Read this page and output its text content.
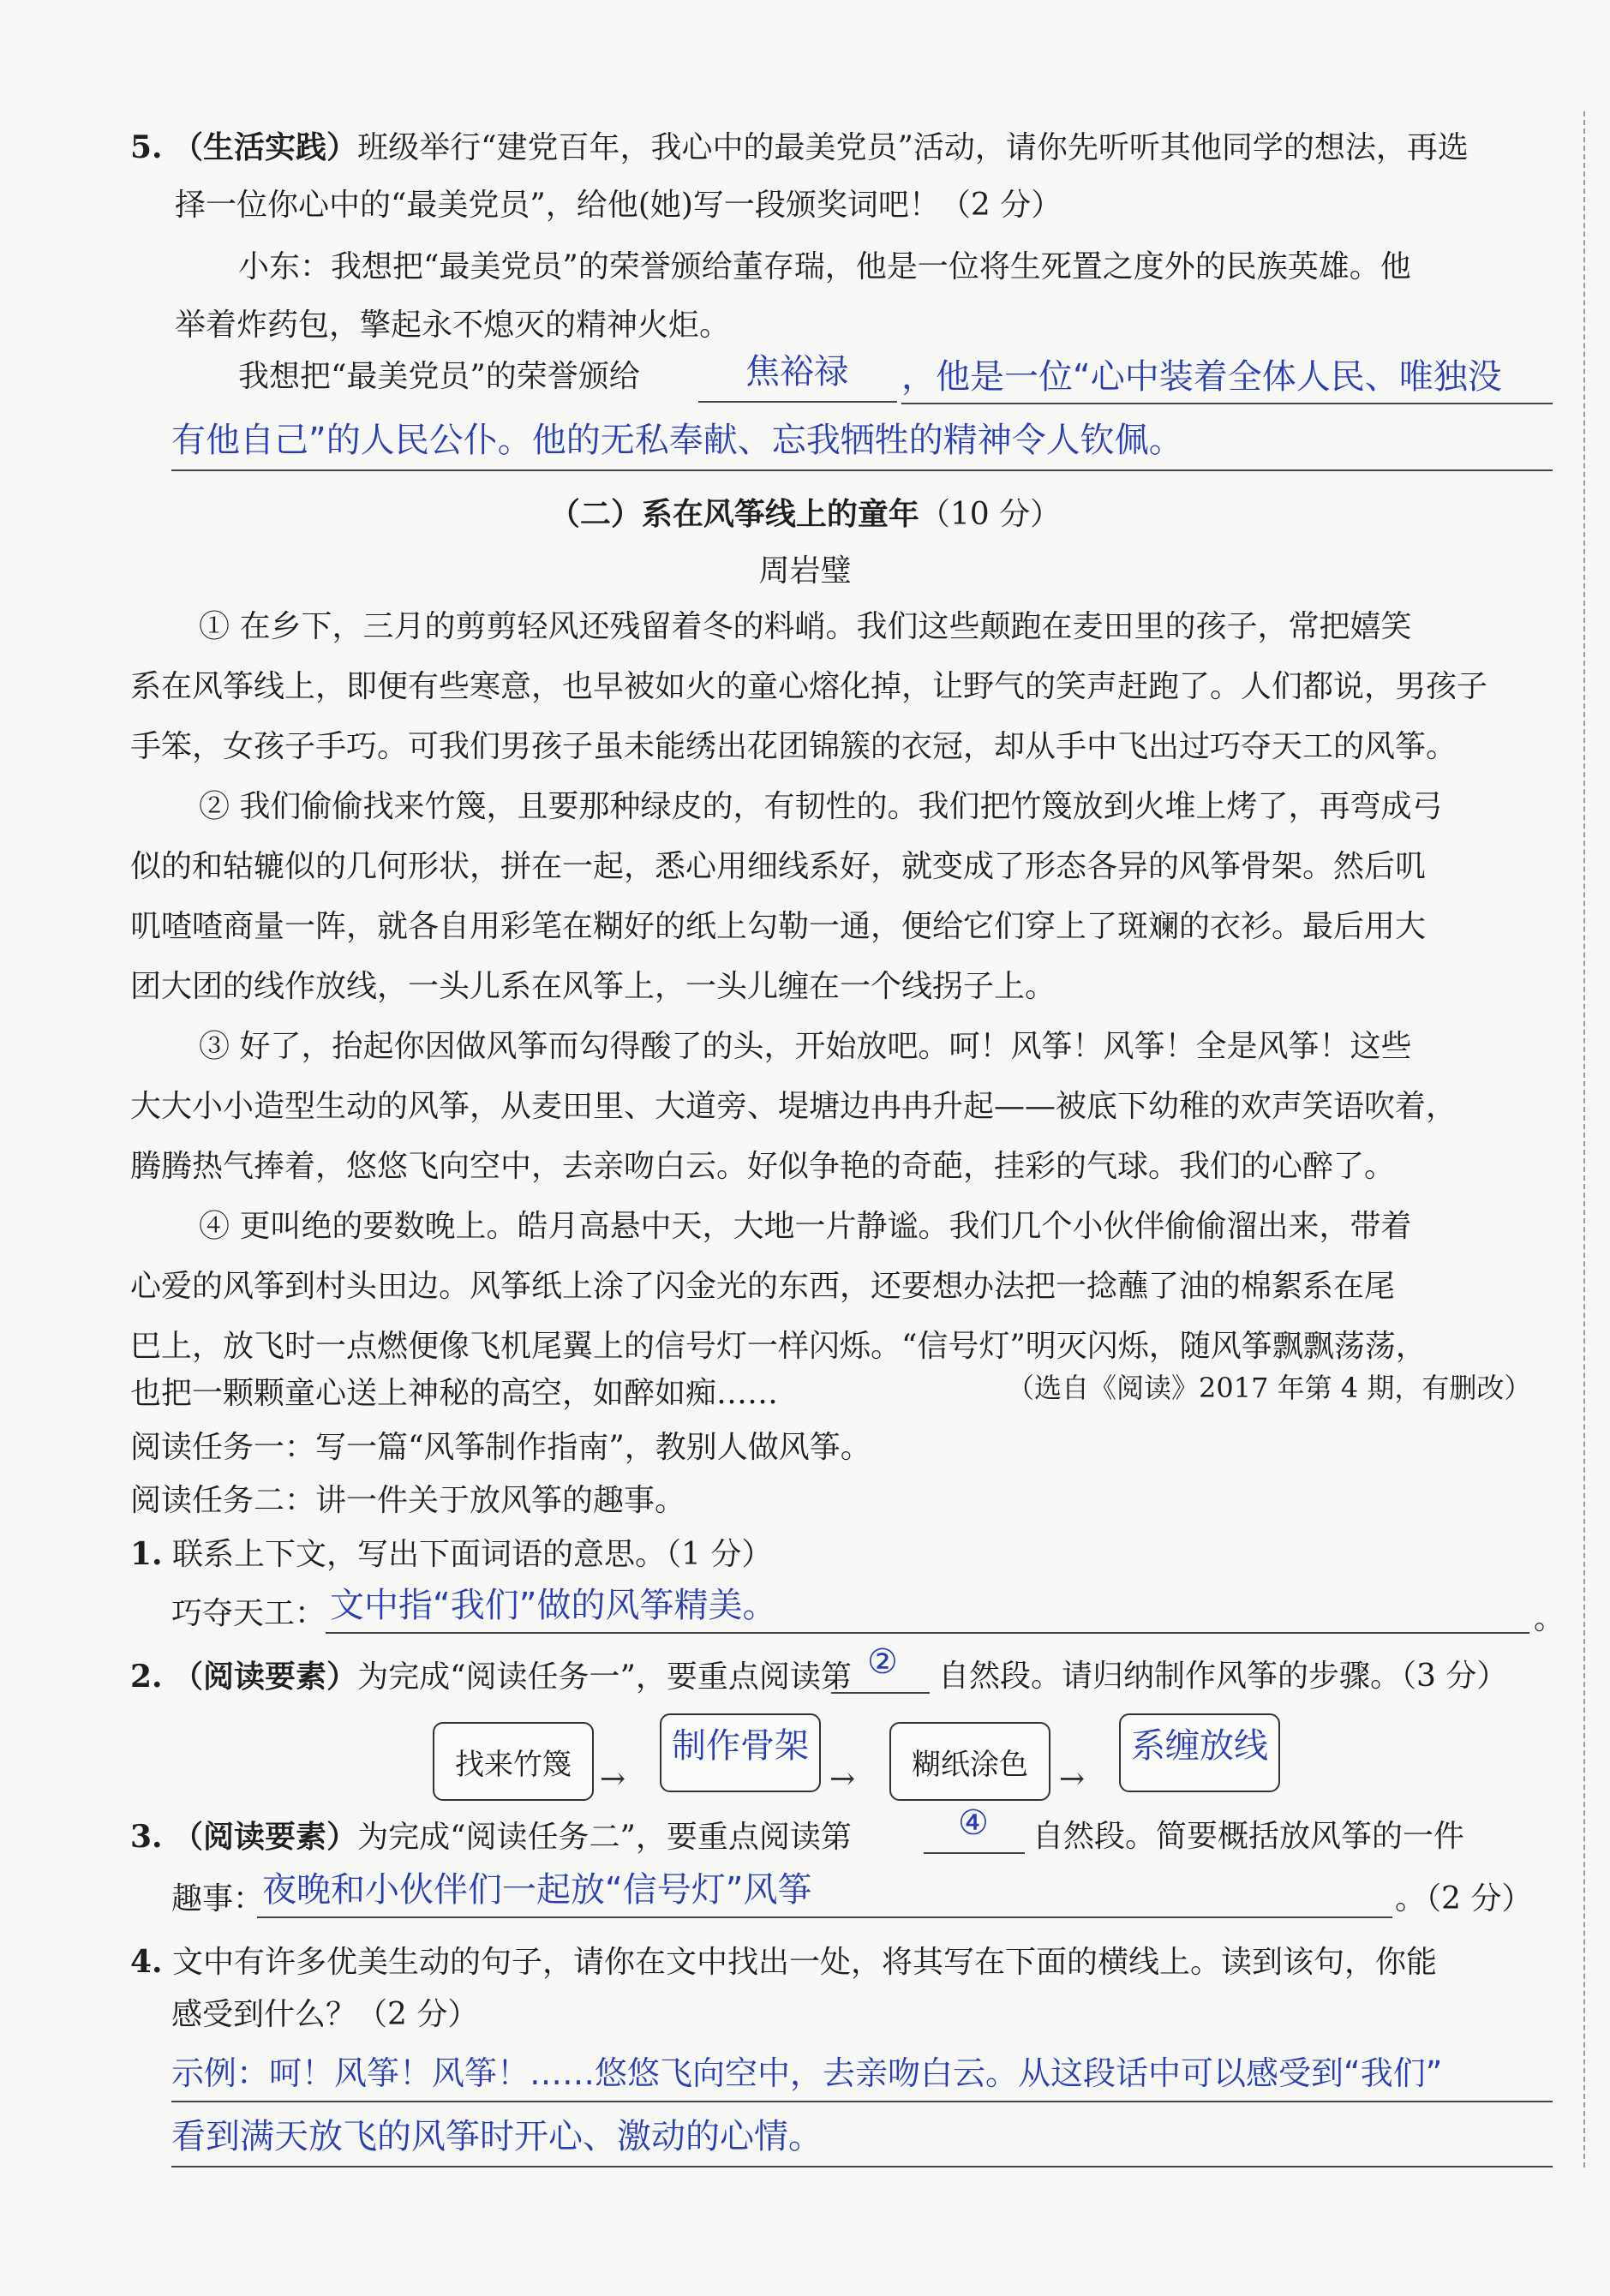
5. （生活实践）班级举行“建党百年，我心中的最美党员”活动，请你先听听其他同学的想法，再选
择一位你心中的“最美党员”，给他(她)写一段颁奖词吧！（2 分）
小东：我想把“最美党员”的荣誉颁给董存瑞，他是一位将生死置之度外的民族英雄。他
举着炸药包，擎起永不熄灭的精神火炬。
我想把“最美党员”的荣誉颁给	焦裕禄 ，他是一位“心中装着全体人民、唯独没
有他自己”的人民公仆。他的无私奉献、忘我牺牲的精神令人钦佩。
（二）系在风筝线上的童年（10 分）
周岩璧
① 在乡下，三月的剪剪轻风还残留着冬的料峭。我们这些颠跑在麦田里的孩子，常把嬉笑
系在风筝线上，即便有些寒意，也早被如火的童心熔化掉，让野气的笑声赶跑了。人们都说，男孩子
手笨，女孩子手巧。可我们男孩子虽未能绣出花团锦簇的衣冠，却从手中飞出过巧夺天工的风筝。
② 我们偷偷找来竹篾，且要那种绿皮的，有韧性的。我们把竹篾放到火堆上烤了，再弯成弓
似的和轱辘似的几何形状，拼在一起，悉心用细线系好，就变成了形态各异的风筝骨架。然后叽
叽喳喳商量一阵，就各自用彩笔在糊好的纸上勾勒一通，便给它们穿上了斑斓的衣衫。最后用大
团大团的线作放线，一头儿系在风筝上，一头儿缠在一个线拐子上。
③ 好了，抬起你因做风筝而勾得酸了的头，开始放吧。呵！风筝！风筝！全是风筝！这些
大大小小造型生动的风筝，从麦田里、大道旁、堤塘边冉冉升起——被底下幼稚的欢声笑语吹着，
腾腾热气捧着，悠悠飞向空中，去亲吻白云。好似争艳的奇葩，挂彩的气球。我们的心醉了。
④ 更叫绝的要数晚上。皓月高悬中天，大地一片静谧。我们几个小伙伴偷偷溜出来，带着
心爱的风筝到村头田边。风筝纸上涂了闪金光的东西，还要想办法把一捻蘸了油的棉絮系在尾
巴上，放飞时一点燃便像飞机尾翼上的信号灯一样闪烁。“信号灯”明灭闪烁，随风筝飘飘荡荡，
也把一颗颗童心送上神秘的高空，如醉如痴……	（选自《阅读》2017 年第 4 期，有删改）
阅读任务一：写一篇“风筝制作指南”，教别人做风筝。
阅读任务二：讲一件关于放风筝的趣事。
1. 联系上下文，写出下面词语的意思。（1 分）
巧夺天工： 文中指“我们”做的风筝精美。	。
2. （阅读要素）为完成“阅读任务一”，要重点阅读第 ② 自然段。请归纳制作风筝的步骤。（3 分）
找来竹篾 →
制作骨架
→ 糊纸涂色 →
系缠放线
3. （阅读要素）为完成“阅读任务二”，要重点阅读第	④ 自然段。简要概括放风筝的一件
趣事：
夜晚和小伙伴们一起放“信号灯”风筝	。（2 分）
4. 文中有许多优美生动的句子，请你在文中找出一处，将其写在下面的横线上。读到该句，你能
感受到什么？（2 分）
示例：呵！风筝！风筝！……悠悠飞向空中，去亲吻白云。从这段话中可以感受到“我们”
看到满天放飞的风筝时开心、激动的心情。
